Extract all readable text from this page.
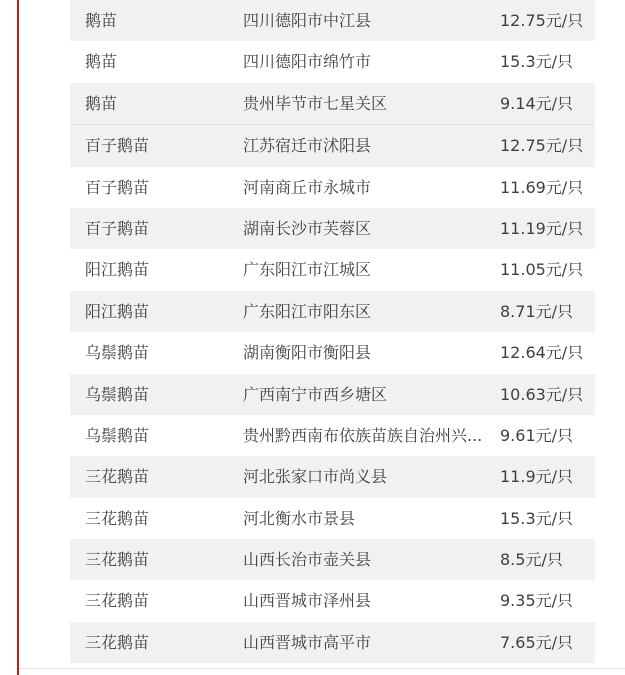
鹅苗	四川德阳市中江县	12.75元/只
鹅苗	四川德阳市绵竹市	15.3元/只
鹅苗	贵州毕节市七星关区	9.14元/只
百子鹅苗	江苏宿迁市沭阳县	12.75元/只
百子鹅苗	河南商丘市永城市	11.69元/只
百子鹅苗	湖南长沙市芙蓉区	11.19元/只
阳江鹅苗	广东阳江市江城区	11.05元/只
阳江鹅苗	广东阳江市阳东区	8.71元/只
乌鬃鹅苗	湖南衡阳市衡阳县	12.64元/只
乌鬃鹅苗	广西南宁市西乡塘区	10.63元/只
乌鬃鹅苗	贵州黔西南布依族苗族自治州兴... 9.61元/只
三花鹅苗	河北张家口市尚义县	11.9元/只
三花鹅苗	河北衡水市景县	15.3元/只
三花鹅苗	山西长治市壶关县	8.5元/只
三花鹅苗	山西晋城市泽州县	9.35元/只
三花鹅苗	山西晋城市高平市	7.65元/只
